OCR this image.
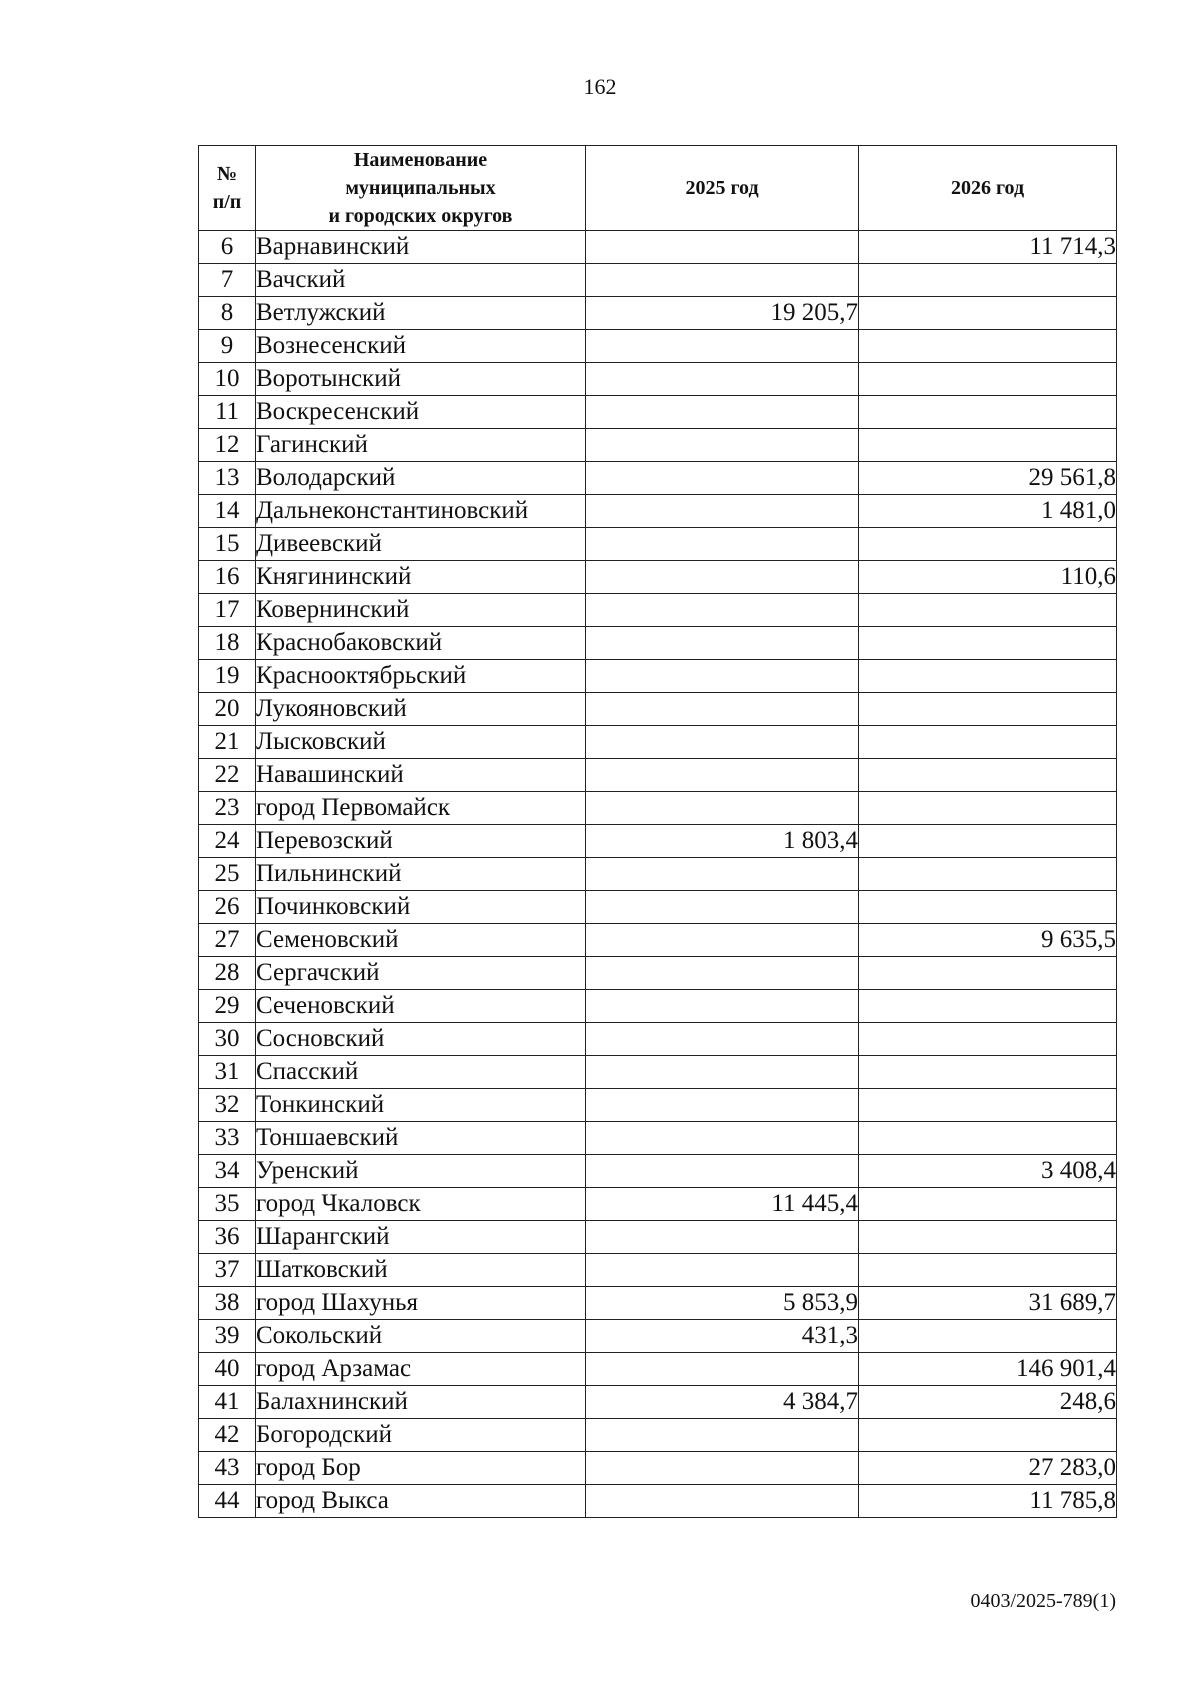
162
№
п/п	Наименование
муниципальных
и городских округов	2025 год	2026 год
6	Варнавинский		11 714,3
7	Вачский		
8	Ветлужский	19 205,7	
9	Вознесенский		
10	Воротынский		
11	Воскресенский		
12	Гагинский		
13	Володарский		29 561,8
14	Дальнеконстантиновский		1 481,0
15	Дивеевский		
16	Княгининский		110,6
17	Ковернинский		
18	Краснобаковский		
19	Краснооктябрьский		
20	Лукояновский		
21	Лысковский		
22	Навашинский		
23	город Первомайск		
24	Перевозский	1 803,4	
25	Пильнинский		
26	Починковский		
27	Семеновский		9 635,5
28	Сергачский		
29	Сеченовский		
30	Сосновский		
31	Спасский		
32	Тонкинский		
33	Тоншаевский		
34	Уренский		3 408,4
35	город Чкаловск	11 445,4	
36	Шарангский		
37	Шатковский		
38	город Шахунья	5 853,9	31 689,7
39	Сокольский	431,3	
40	город Арзамас		146 901,4
41	Балахнинский	4 384,7	248,6
42	Богородский		
43	город Бор		27 283,0
44	город Выкса		11 785,8
0403/2025-789(1)
